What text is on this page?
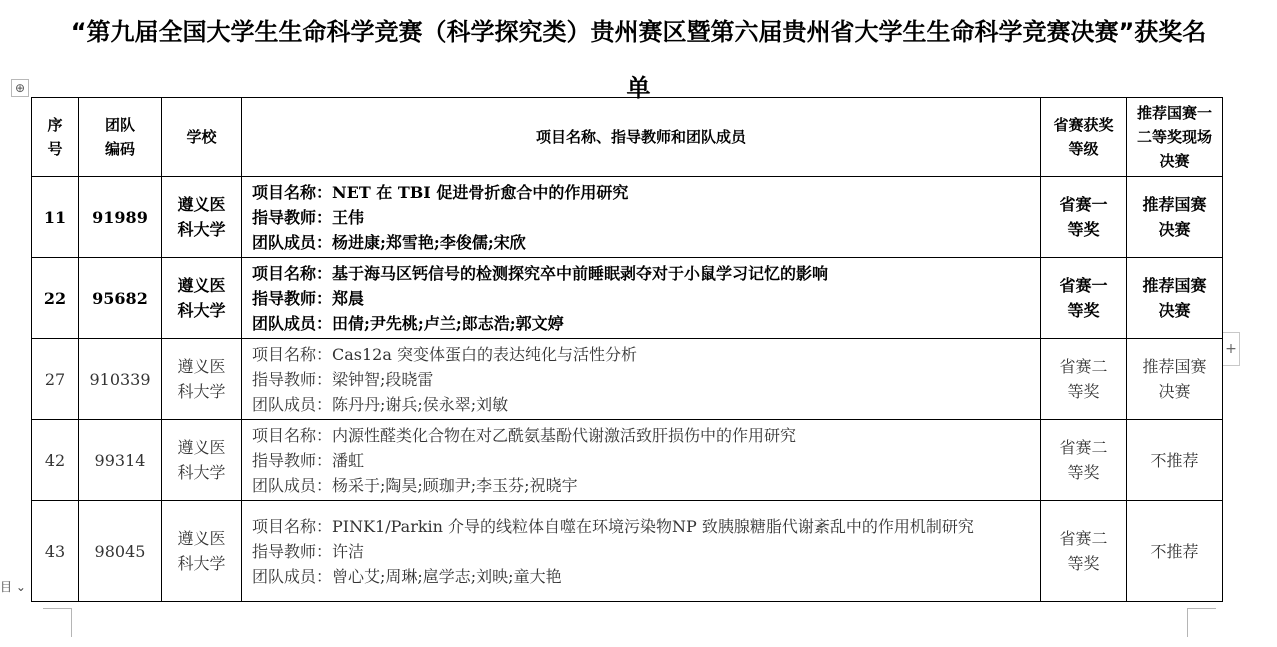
“第九届全国大学生生命科学竞赛（科学探究类）贵州赛区暨第六届贵州省大学生生命科学竞赛决赛”获奖名单
⊕
+
目 ⌄
序号	团队编码	学校	项目名称、指导教师和团队成员	省赛获奖等级	推荐国赛一二等奖现场决赛

11	91989	遵义医科大学	项目名称：NET 在 TBI 促进骨折愈合中的作用研究
指导教师：王伟
团队成员：杨进康;郑雪艳;李俊儒;宋欣	省赛一等奖	推荐国赛决赛

22	95682	遵义医科大学	项目名称：基于海马区钙信号的检测探究卒中前睡眠剥夺对于小鼠学习记忆的影响
指导教师：郑晨
团队成员：田倩;尹先桃;卢兰;郎志浩;郭文婷	省赛一等奖	推荐国赛决赛

27	910339	遵义医科大学	项目名称：Cas12a 突变体蛋白的表达纯化与活性分析
指导教师：梁钟智;段晓雷
团队成员：陈丹丹;谢兵;侯永翠;刘敏	省赛二等奖	推荐国赛决赛

42	99314	遵义医科大学	项目名称：内源性醛类化合物在对乙酰氨基酚代谢激活致肝损伤中的作用研究
指导教师：潘虹
团队成员：杨采于;陶昊;顾珈尹;李玉芬;祝晓宇	省赛二等奖	不推荐
43	98045	遵义医科大学	项目名称：PINK1/Parkin 介导的线粒体自噬在环境污染物NP 致胰腺糖脂代谢紊乱中的作用机制研究
指导教师：许洁
团队成员：曾心艾;周琳;扈学志;刘映;童大艳	省赛二等奖	不推荐
